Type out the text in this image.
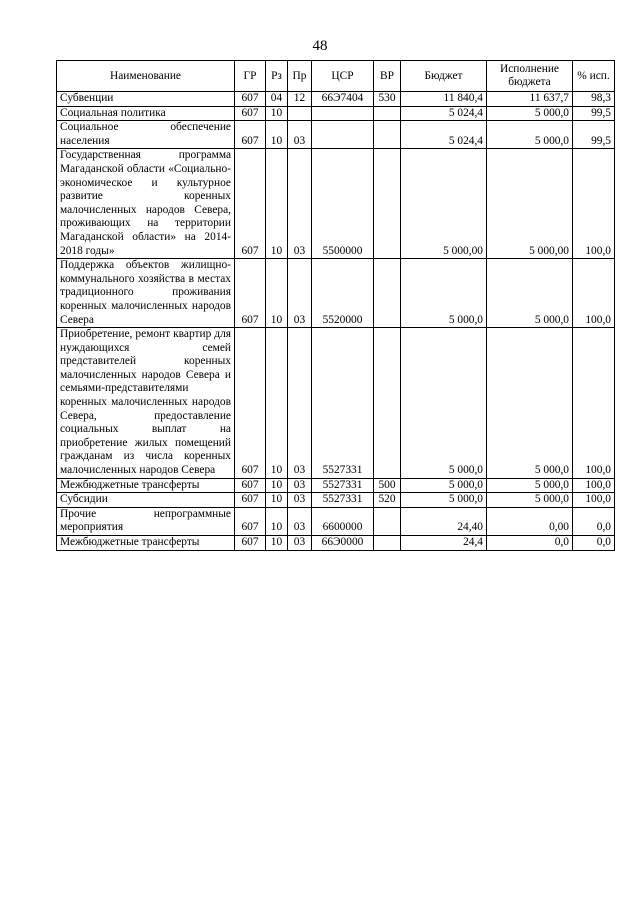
48
Наименование	ГР	Рз	Пр	ЦСР	ВР	Бюджет	Исполнение бюджета	% исп.
Субвенции	607	04	12	66Э7404	530	11 840,4	11 637,7	98,3
Социальная политика	607	10				5 024,4	5 000,0	99,5
Социальное обеспечение населения	607	10	03			5 024,4	5 000,0	99,5
Государственная программа Магаданской области «Социально-экономическое и культурное развитие коренных малочисленных народов Севера, проживающих на территории Магаданской области» на 2014-2018 годы»	607	10	03	5500000		5 000,00	5 000,00	100,0
Поддержка объектов жилищно-коммунального хозяйства в местах традиционного проживания коренных малочисленных народов Севера	607	10	03	5520000		5 000,0	5 000,0	100,0
Приобретение, ремонт квартир для нуждающихся семей представителей коренных малочисленных народов Севера и семьями-представителями коренных малочисленных народов Севера, предоставление социальных выплат на приобретение жилых помещений гражданам из числа коренных малочисленных народов Севера	607	10	03	5527331		5 000,0	5 000,0	100,0
Межбюджетные трансферты	607	10	03	5527331	500	5 000,0	5 000,0	100,0
Субсидии	607	10	03	5527331	520	5 000,0	5 000,0	100,0
Прочие непрограммные мероприятия	607	10	03	6600000		24,40	0,00	0,0
Межбюджетные трансферты	607	10	03	66Э0000		24,4	0,0	0,0
